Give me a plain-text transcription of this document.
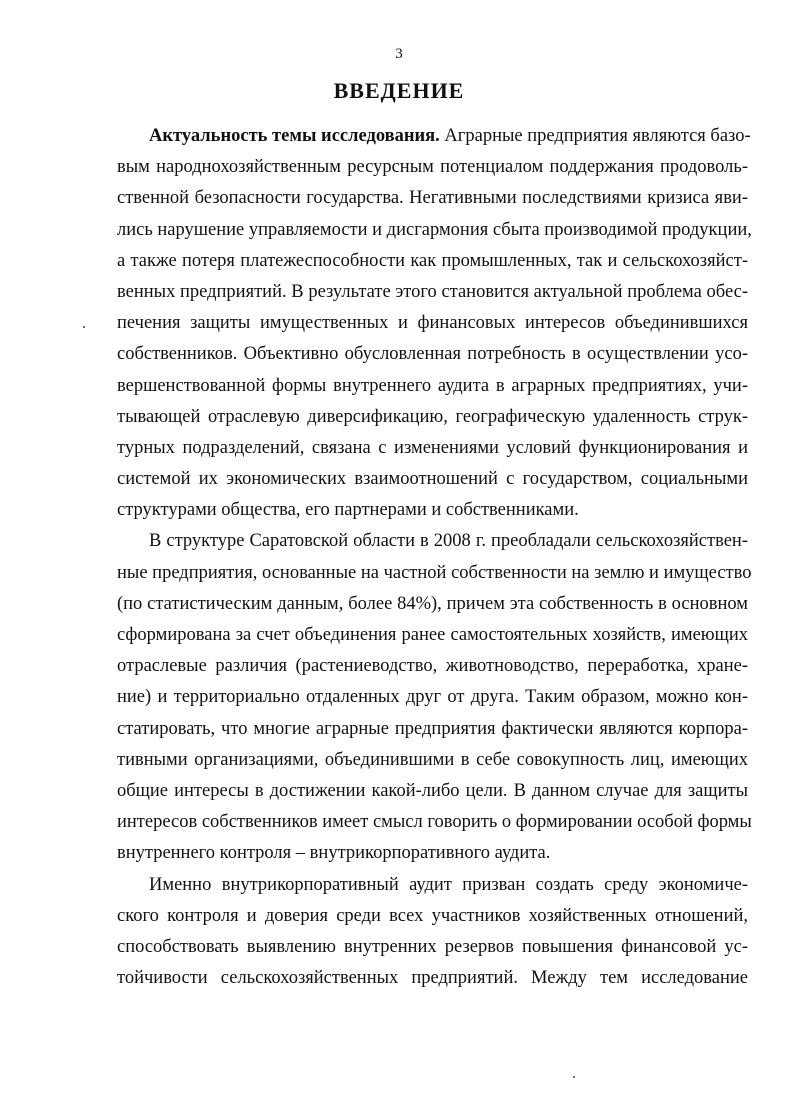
3
ВВЕДЕНИЕ
Актуальность темы исследования. Аграрные предприятия являются базо-
вым народнохозяйственным ресурсным потенциалом поддержания продоволь-
ственной безопасности государства. Негативными последствиями кризиса яви-
лись нарушение управляемости и дисгармония сбыта производимой продукции,
а также потеря платежеспособности как промышленных, так и сельскохозяйст-
венных предприятий. В результате этого становится актуальной проблема обес-
печения защиты имущественных и финансовых интересов объединившихся
собственников. Объективно обусловленная потребность в осуществлении усо-
вершенствованной формы внутреннего аудита в аграрных предприятиях, учи-
тывающей отраслевую диверсификацию, географическую удаленность струк-
турных подразделений, связана с изменениями условий функционирования и
системой их экономических взаимоотношений с государством, социальными
структурами общества, его партнерами и собственниками.
В структуре Саратовской области в 2008 г. преобладали сельскохозяйствен-
ные предприятия, основанные на частной собственности на землю и имущество
(по статистическим данным, более 84%), причем эта собственность в основном
сформирована за счет объединения ранее самостоятельных хозяйств, имеющих
отраслевые различия (растениеводство, животноводство, переработка, хране-
ние) и территориально отдаленных друг от друга. Таким образом, можно кон-
статировать, что многие аграрные предприятия фактически являются корпора-
тивными организациями, объединившими в себе совокупность лиц, имеющих
общие интересы в достижении какой-либо цели. В данном случае для защиты
интересов собственников имеет смысл говорить о формировании особой формы
внутреннего контроля – внутрикорпоративного аудита.
Именно внутрикорпоративный аудит призван создать среду экономиче-
ского контроля и доверия среди всех участников хозяйственных отношений,
способствовать выявлению внутренних резервов повышения финансовой ус-
тойчивости сельскохозяйственных предприятий. Между тем исследование
